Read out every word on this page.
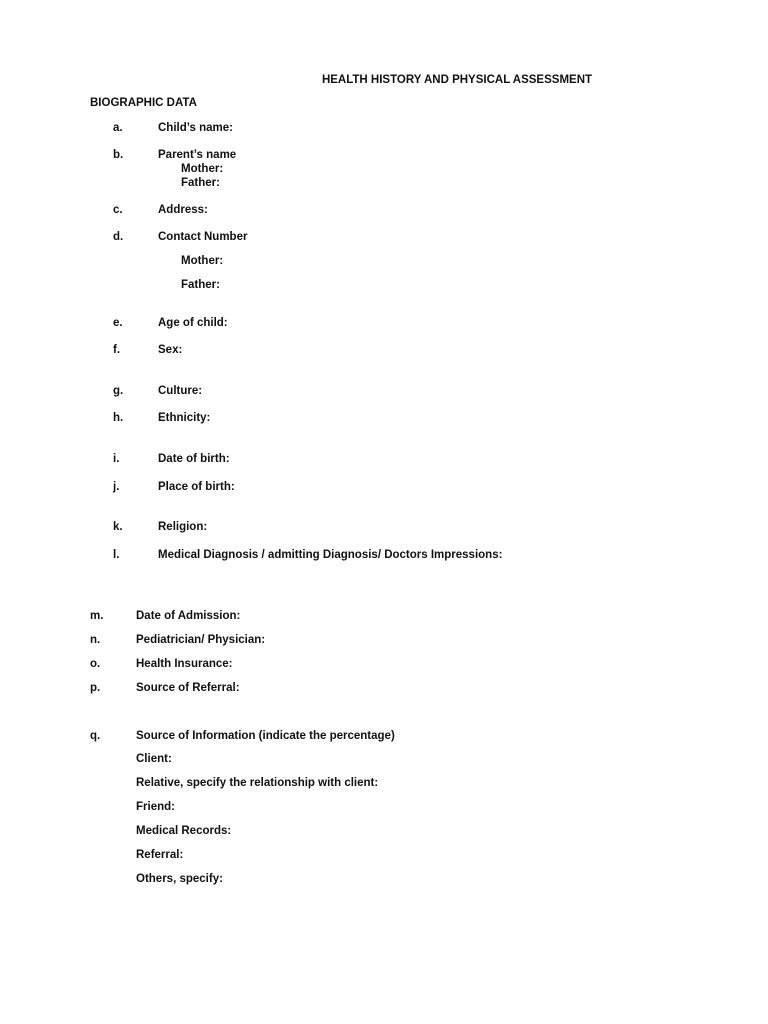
HEALTH HISTORY AND PHYSICAL ASSESSMENT
BIOGRAPHIC DATA
a.	Child’s name:
b.	Parent’s name
Mother:
Father:
c.	Address:
d.	Contact Number
Mother:
Father:
e.	Age of child:
f.	Sex:
g.	Culture:
h.	Ethnicity:
i.	Date of birth:
j.	Place of birth:
k.	Religion:
l.	Medical Diagnosis / admitting Diagnosis/ Doctors Impressions:
m.	Date of Admission:
n.	Pediatrician/ Physician:
o.	Health Insurance:
p.	Source of Referral:
q.	Source of Information (indicate the percentage)
Client:
Relative, specify the relationship with client:
Friend:
Medical Records:
Referral:
Others, specify:
